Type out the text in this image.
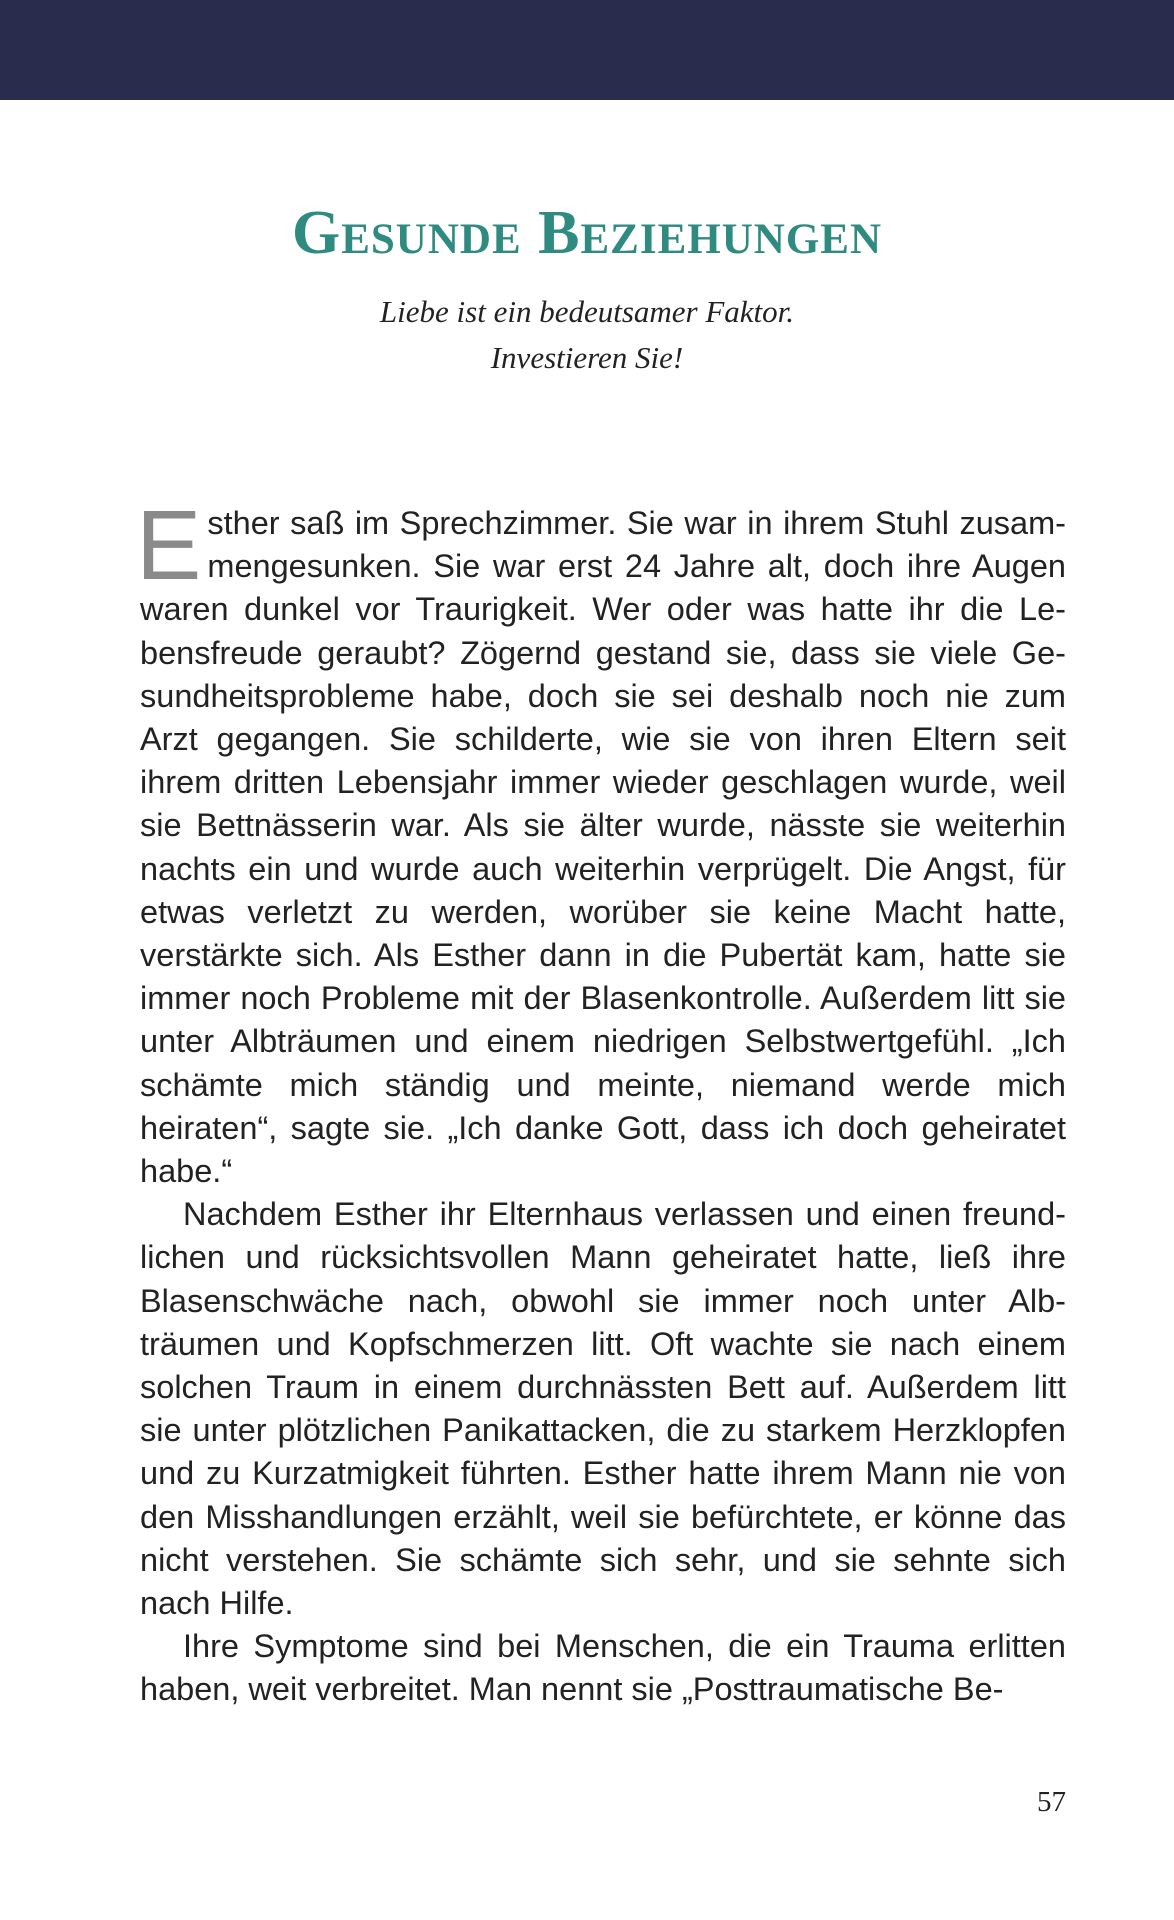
Gesunde Beziehungen
Liebe ist ein bedeutsamer Faktor.
Investieren Sie!

Esther saß im Sprechzimmer. Sie war in ihrem Stuhl zusammengesunken. Sie war erst 24 Jahre alt, doch ihre Augen waren dunkel vor Traurigkeit. Wer oder was hatte ihr die Lebensfreude geraubt? Zögernd gestand sie, dass sie viele Gesundheitsprobleme habe, doch sie sei deshalb noch nie zum Arzt gegangen. Sie schilderte, wie sie von ihren Eltern seit ihrem dritten Lebensjahr immer wieder geschlagen wurde, weil sie Bettnässerin war. Als sie älter wurde, nässte sie weiterhin nachts ein und wurde auch weiterhin verprügelt. Die Angst, für etwas verletzt zu werden, worüber sie keine Macht hatte, verstärkte sich. Als Esther dann in die Pubertät kam, hatte sie immer noch Probleme mit der Blasenkontrolle. Außerdem litt sie unter Albträumen und einem niedrigen Selbstwertgefühl. „Ich schämte mich ständig und meinte, niemand werde mich heiraten“, sagte sie. „Ich danke Gott, dass ich doch geheiratet habe.“

Nachdem Esther ihr Elternhaus verlassen und einen freundlichen und rücksichtsvollen Mann geheiratet hatte, ließ ihre Blasenschwäche nach, obwohl sie immer noch unter Albträumen und Kopfschmerzen litt. Oft wachte sie nach einem solchen Traum in einem durchnässten Bett auf. Außerdem litt sie unter plötzlichen Panikattacken, die zu starkem Herzklopfen und zu Kurzatmigkeit führten. Esther hatte ihrem Mann nie von den Misshandlungen erzählt, weil sie befürchtete, er könne das nicht verstehen. Sie schämte sich sehr, und sie sehnte sich nach Hilfe.

Ihre Symptome sind bei Menschen, die ein Trauma erlitten haben, weit verbreitet. Man nennt sie „Posttraumatische Be-

57
